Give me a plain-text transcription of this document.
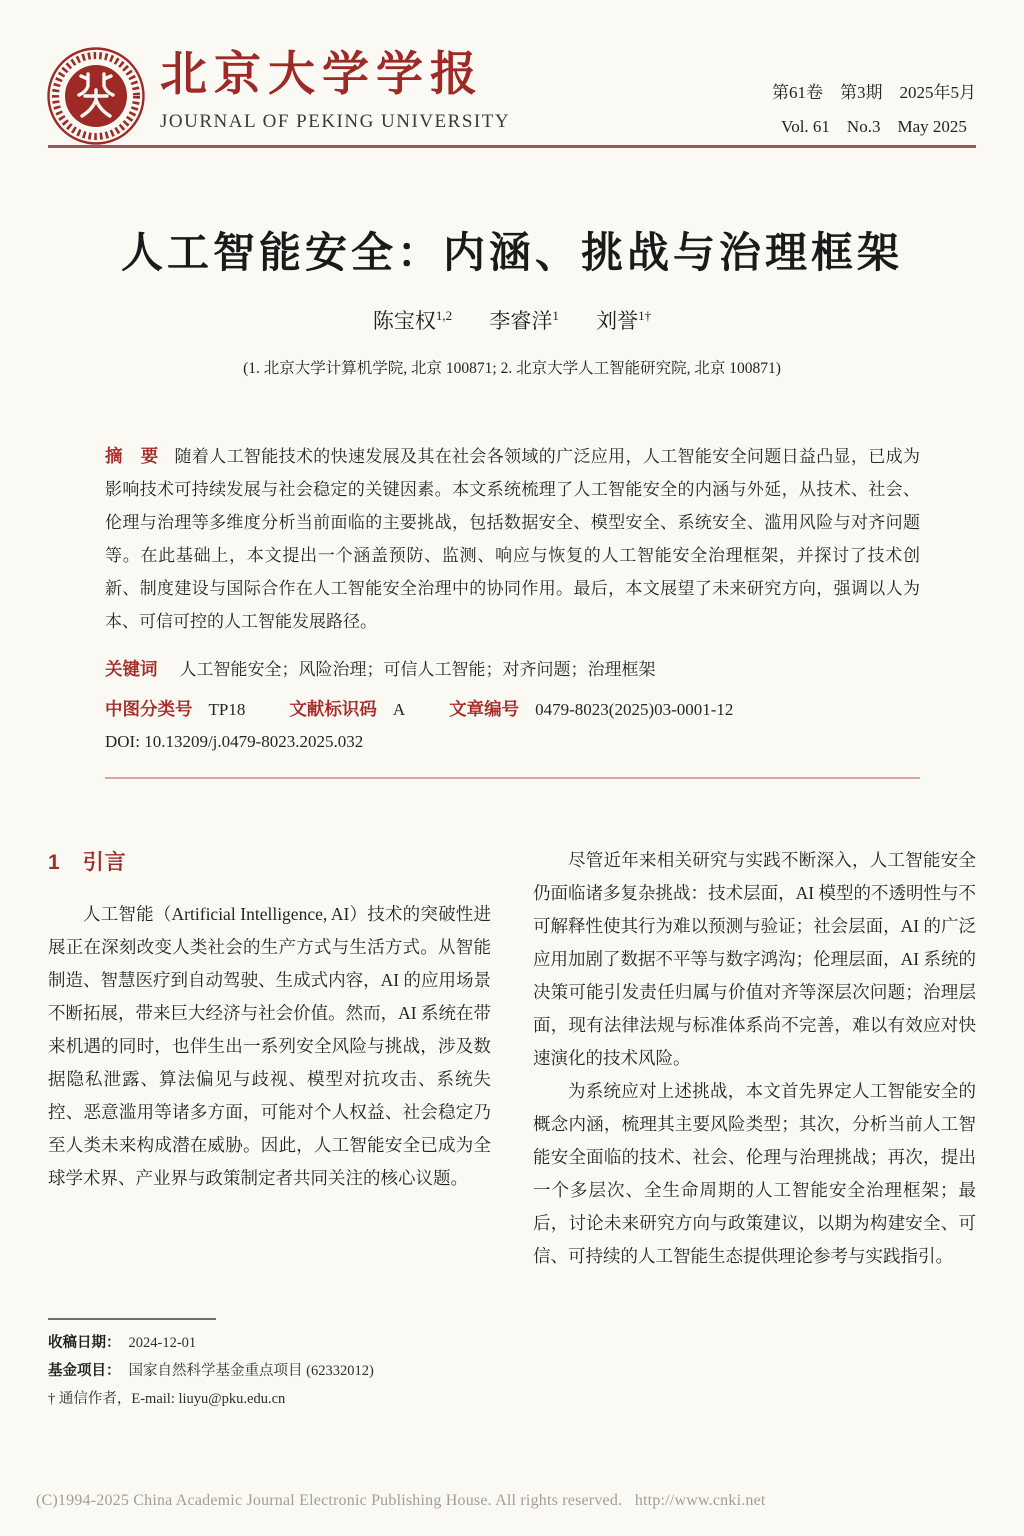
北京大学学报
JOURNAL OF PEKING UNIVERSITY
第61卷　第3期　2025年5月
Vol. 61　No.3　May 2025
人工智能安全：内涵、挑战与治理框架
陈宝权$^{1,2}$ 李睿洋$^1$ 刘誉$^{1\dagger}$
(1. 北京大学计算机学院, 北京 100871; 2. 北京大学人工智能研究院, 北京 100871)

摘　要 随着人工智能技术的快速发展及其在社会各领域的广泛应用，人工智能安全问题日益凸显，已成为影响技术可持续发展与社会稳定的关键因素。本文系统梳理了人工智能安全的内涵与外延，从技术、社会、伦理与治理等多维度分析当前面临的主要挑战，包括数据安全、模型安全、系统安全、滥用风险与对齐问题等。在此基础上，本文提出一个涵盖预防、监测、响应与恢复的人工智能安全治理框架，并探讨了技术创新、制度建设与国际合作在人工智能安全治理中的协同作用。最后，本文展望了未来研究方向，强调以人为本、可信可控的人工智能发展路径。

关键词 人工智能安全；风险治理；可信人工智能；对齐问题；治理框架

中图分类号 TP18	文献标识码 A	文章编号 0479-8023(2025)03-0001-12

DOI: 10.13209/j.0479-8023.2025.032

1 引言

人工智能（Artificial Intelligence, AI）技术的突破性进展正在深刻改变人类社会的生产方式与生活方式。从智能制造、智慧医疗到自动驾驶、生成式内容，AI 的应用场景不断拓展，带来巨大经济与社会价值。然而，AI 系统在带来机遇的同时，也伴生出一系列安全风险与挑战，涉及数据隐私泄露、算法偏见与歧视、模型对抗攻击、系统失控、恶意滥用等诸多方面，可能对个人权益、社会稳定乃至人类未来构成潜在威胁。因此，人工智能安全已成为全球学术界、产业界与政策制定者共同关注的核心议题。

尽管近年来相关研究与实践不断深入，人工智能安全仍面临诸多复杂挑战：技术层面，AI 模型的不透明性与不可解释性使其行为难以预测与验证；社会层面，AI 的广泛应用加剧了数据不平等与数字鸿沟；伦理层面，AI 系统的决策可能引发责任归属与价值对齐等深层次问题；治理层面，现有法律法规与标准体系尚不完善，难以有效应对快速演化的技术风险。

为系统应对上述挑战，本文首先界定人工智能安全的概念内涵，梳理其主要风险类型；其次，分析当前人工智能安全面临的技术、社会、伦理与治理挑战；再次，提出一个多层次、全生命周期的人工智能安全治理框架；最后，讨论未来研究方向与政策建议，以期为构建安全、可信、可持续的人工智能生态提供理论参考与实践指引。

收稿日期： 2024-12-01
基金项目： 国家自然科学基金重点项目 (62332012)
† 通信作者，E-mail: liuyu@pku.edu.cn
(C)1994-2025 China Academic Journal Electronic Publishing House. All rights reserved.   http://www.cnki.net
